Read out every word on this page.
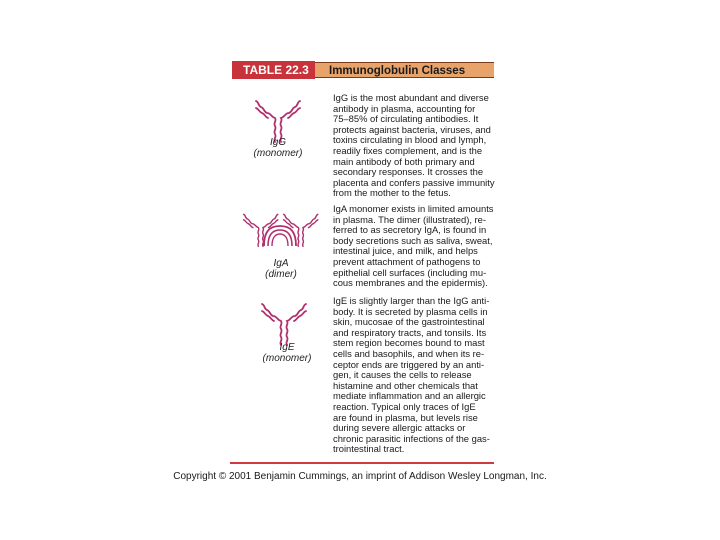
TABLE 22.3	Immunoglobulin Classes
IgG
(monomer)

IgG is the most abundant and diverse
antibody in plasma, accounting for
75–85% of circulating antibodies. It
protects against bacteria, viruses, and
toxins circulating in blood and lymph,
readily fixes complement, and is the
main antibody of both primary and
secondary responses. It crosses the
placenta and confers passive immunity
from the mother to the fetus.

IgA
(dimer)

IgA monomer exists in limited amounts
in plasma. The dimer (illustrated), re-
ferred to as secretory IgA, is found in
body secretions such as saliva, sweat,
intestinal juice, and milk, and helps
prevent attachment of pathogens to
epithelial cell surfaces (including mu-
cous membranes and the epidermis).

IgE
(monomer)

IgE is slightly larger than the IgG anti-
body. It is secreted by plasma cells in
skin, mucosae of the gastrointestinal
and respiratory tracts, and tonsils. Its
stem region becomes bound to mast
cells and basophils, and when its re-
ceptor ends are triggered by an anti-
gen, it causes the cells to release
histamine and other chemicals that
mediate inflammation and an allergic
reaction. Typical only traces of IgE
are found in plasma, but levels rise
during severe allergic attacks or
chronic parasitic infections of the gas-
trointestinal tract.

Copyright © 2001 Benjamin Cummings, an imprint of Addison Wesley Longman, Inc.
